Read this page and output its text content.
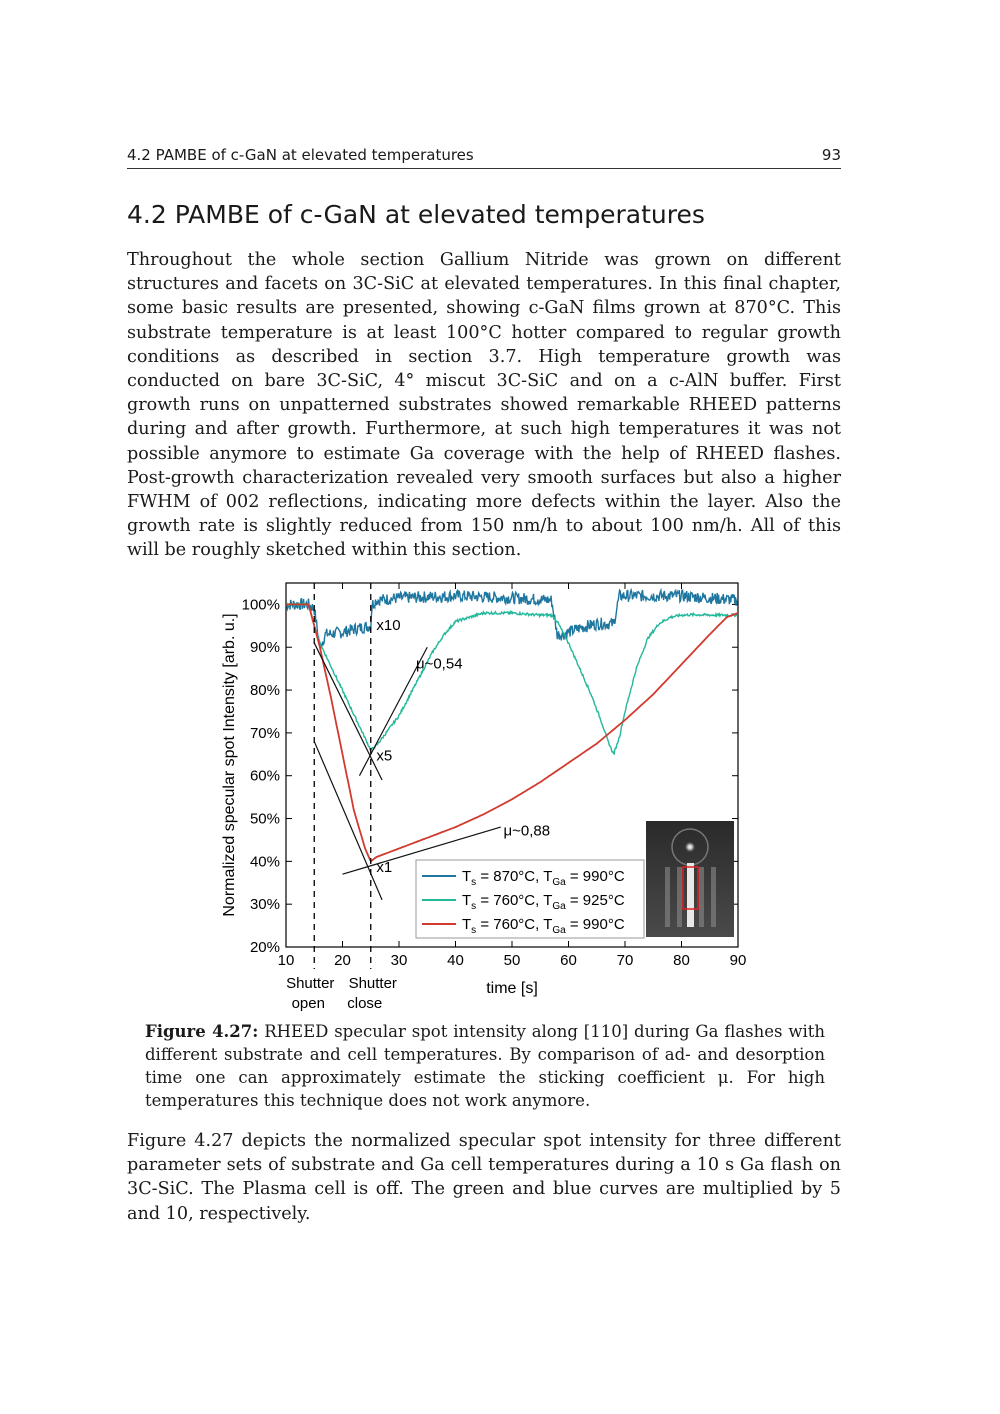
4.2 PAMBE of c-GaN at elevated temperatures	93
4.2 PAMBE of c-GaN at elevated temperatures

Throughout the whole section Gallium Nitride was grown on different structures and facets on 3C-SiC at elevated temperatures. In this final chapter, some basic results are presented, showing c-GaN films grown at 870°C. This substrate temperature is at least 100°C hotter compared to regular growth conditions as described in section 3.7. High temperature growth was conducted on bare 3C-SiC, 4° miscut 3C-SiC and on a c-AlN buffer. First growth runs on unpatterned substrates showed remarkable RHEED patterns during and after growth. Furthermore, at such high temperatures it was not possible anymore to estimate Ga coverage with the help of RHEED flashes. Post-growth characterization revealed very smooth surfaces but also a higher FWHM of 002 reflections, indicating more defects within the layer. Also the growth rate is slightly reduced from 150 nm/h to about 100 nm/h. All of this will be roughly sketched within this section.

10	20	30	40	50	60	70	80	90
20%
30%
40%
50%
60%
70%
80%
90%
100%
time [s]
Normalized specular spot Intensity [arb. u.]
Shutter
open
Shutter
close
x10
μ~0,54
x5
μ~0,88
x1
$T_s = 870^\circ C$, $T_{Ga} = 990^\circ C$
$T_s = 760^\circ C$, $T_{Ga} = 925^\circ C$
$T_s = 760^\circ C$, $T_{Ga} = 990^\circ C$

Figure 4.27: RHEED specular spot intensity along [110] during Ga flashes with different substrate and cell temperatures. By comparison of ad- and desorption time one can approximately estimate the sticking coefficient μ. For high temperatures this technique does not work anymore.

Figure 4.27 depicts the normalized specular spot intensity for three different parameter sets of substrate and Ga cell temperatures during a 10 s Ga flash on 3C-SiC. The Plasma cell is off. The green and blue curves are multiplied by 5 and 10, respectively.
